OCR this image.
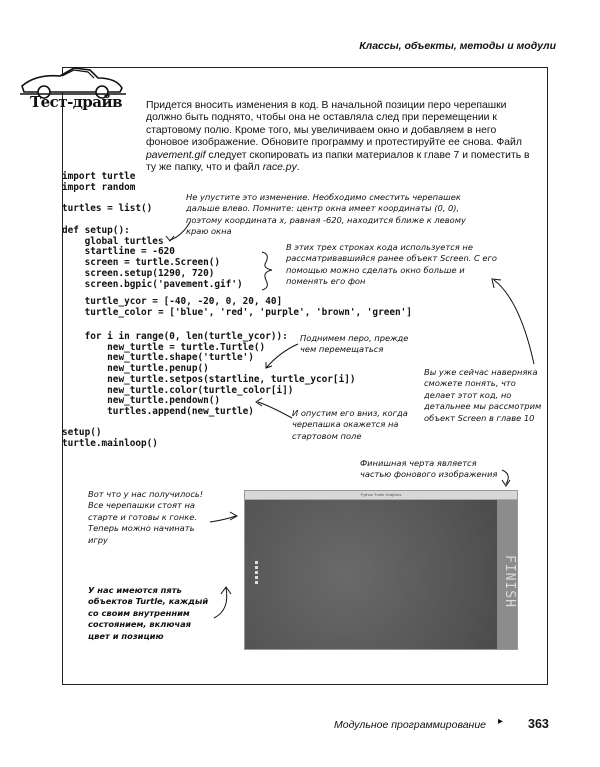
Классы, объекты, методы и модули
Тест-драйв	Придется вносить изменения в код. В начальной позиции перо черепашки должно быть поднято, чтобы она не оставляла след при перемещении к стартовому полю. Кроме того, мы увеличиваем окно и добавляем в него фоновое изображение. Обновите программу и протестируйте ее снова. Файл pavement.gif следует скопировать из папки материалов к главе 7 и поместить в ту же папку, что и файл race.py.
import turtle
import random
turtles = list()
def setup():
global turtles
startline = -620
screen = turtle.Screen()
screen.setup(1290, 720)
screen.bgpic('pavement.gif')
turtle_ycor = [-40, -20, 0, 20, 40]
turtle_color = ['blue', 'red', 'purple', 'brown', 'green']
for i in range(0, len(turtle_ycor)):
new_turtle = turtle.Turtle()
new_turtle.shape('turtle')
new_turtle.penup()
new_turtle.setpos(startline, turtle_ycor[i])
new_turtle.color(turtle_color[i])
new_turtle.pendown()
turtles.append(new_turtle)
setup()
turtle.mainloop()
Не упустите это изменение. Необходимо сместить черепашек дальше влево. Помните: центр окна имеет координаты (0, 0), поэтому координата x, равная -620, находится ближе к левому краю окна
В этих трех строках кода используется не рассматривавшийся ранее объект Screen. С его помощью можно сделать окно больше и поменять его фон
Поднимем перо, прежде чем перемещаться
И опустим его вниз, когда черепашка окажется на стартовом поле
Вы уже сейчас наверняка сможете понять, что делает этот код, но детальнее мы рассмотрим объект Screen в главе 10
Финишная черта является частью фонового изображения
Вот что у нас получилось! Все черепашки стоят на старте и готовы к гонке. Теперь можно начинать игру
У нас имеются пять объектов Turtle, каждый со своим внутренним состоянием, включая цвет и позицию
Python Turtle Graphics
FINISH
Модульное программирование ▸ 363
